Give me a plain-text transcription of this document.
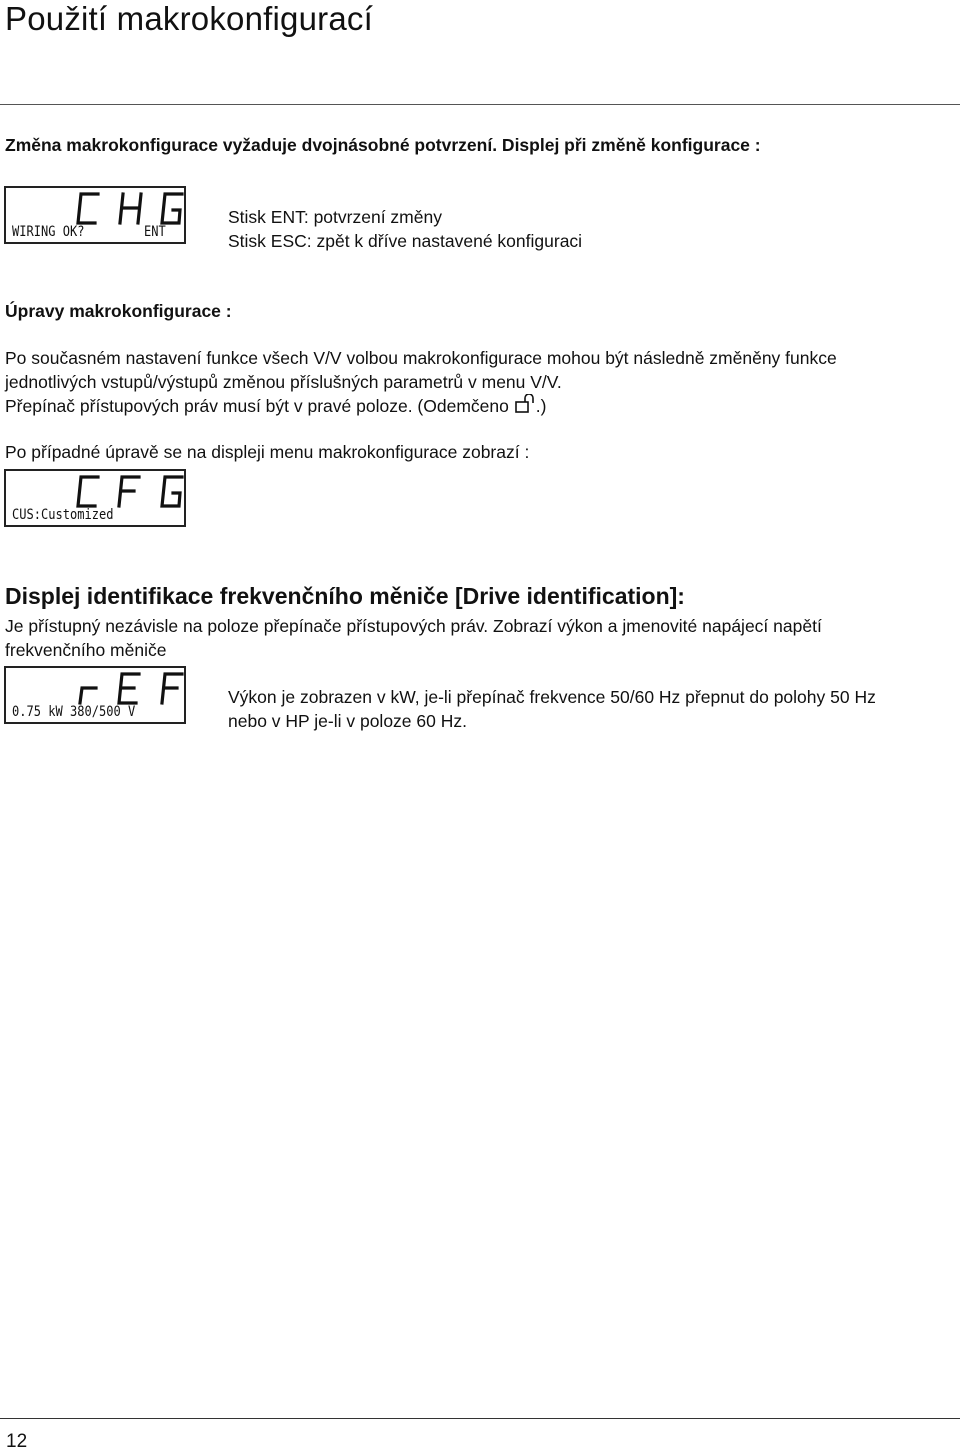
Použití makrokonfigurací
Změna makrokonfigurace vyžaduje dvojnásobné potvrzení. Displej při změně konfigurace :
WIRING OK?	ENT
Stisk ENT: potvrzení změny
Stisk ESC: zpět k dříve nastavené konfiguraci
Úpravy makrokonfigurace :
Po současném nastavení funkce všech V/V volbou makrokonfigurace mohou být následně změněny funkce
jednotlivých vstupů/výstupů změnou příslušných parametrů v menu V/V.
Přepínač přístupových práv musí být v pravé poloze. (Odemčeno .)
Po případné úpravě se na displeji menu makrokonfigurace zobrazí :
CUS:Customized
Displej identifikace frekvenčního měniče [Drive identification]:
Je přístupný nezávisle na poloze přepínače přístupových práv. Zobrazí výkon a jmenovité napájecí napětí
frekvenčního měniče
0.75 kW 380/500 V
Výkon je zobrazen v kW, je-li přepínač frekvence 50/60 Hz přepnut do polohy 50 Hz
nebo v HP je-li v poloze 60 Hz.
12
